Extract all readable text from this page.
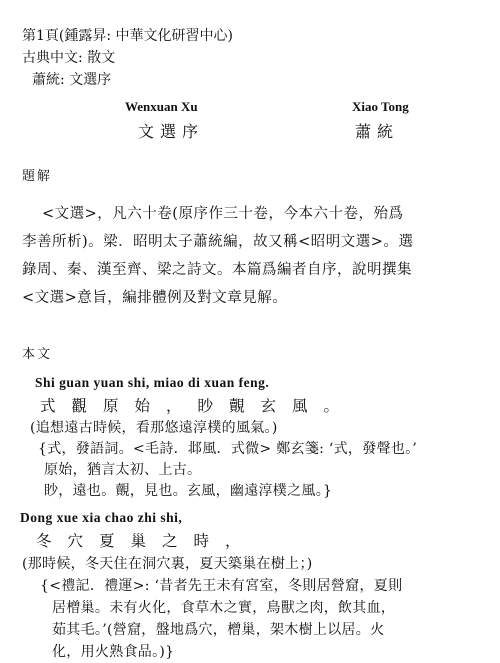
第1頁(鍾露昇: 中華文化研習中心)
古典中文: 散文
蕭統: 文選序
Wenxuan Xu
文選序
Xiao Tong
蕭統
題解
<文選>，凡六十卷(原序作三十卷，今本六十卷，殆爲
李善所析)。梁．昭明太子蕭統編，故又稱<昭明文選>。選
錄周、秦、漢至齊、梁之詩文。本篇爲編者自序，說明撰集
<文選>意旨，編排體例及對文章見解。
本文
Shi guan yuan shi, miao di xuan feng.
式觀原始，眇覿玄風。
(追想遠古時候，看那悠遠淳樸的風氣。)
{式，發語詞。<毛詩．邶風．式微> 鄭玄箋: ‘式，發聲也。’
原始，猶言太初、上古。
眇，遠也。覿，見也。玄風，幽遠淳樸之風。}
Dong xue xia chao zhi shi,
冬穴夏巢之時，
(那時候，冬天住在洞穴裏，夏天築巢在樹上；)
{<禮記．禮運>: ‘昔者先王未有宮室，冬則居營窟，夏則
居橧巢。未有火化，食草木之實，鳥獸之肉，飲其血，
茹其毛。’(營窟，盤地爲穴，橧巢，架木樹上以居。火
化，用火熟食品。)}
